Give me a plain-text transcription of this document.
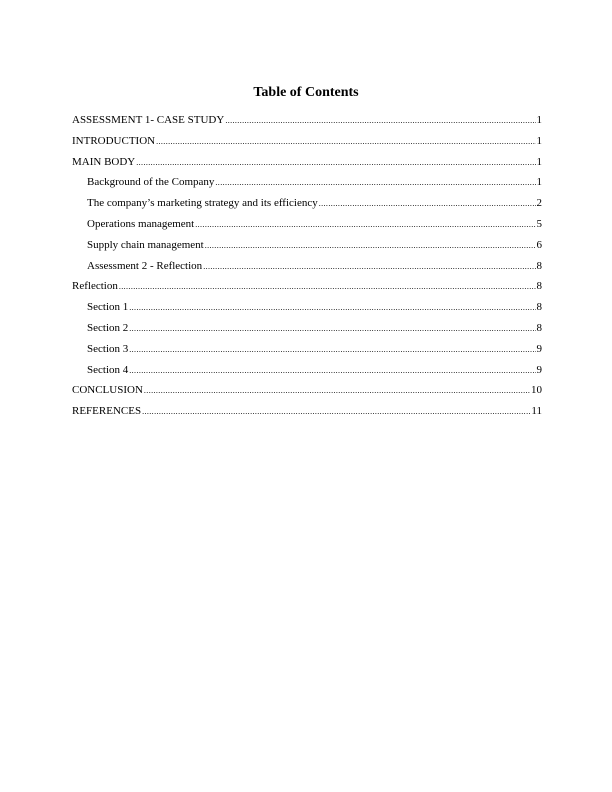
Table of Contents
ASSESSMENT 1- CASE STUDY .....	1
INTRODUCTION .....	1
MAIN BODY .....	1
Background of the Company .....	1
The company’s marketing strategy and its efficiency .....	2
Operations management .....	5
Supply chain management .....	6
Assessment 2 - Reflection .....	8
Reflection .....	8
Section 1 .....	8
Section 2 .....	8
Section 3 .....	9
Section 4 .....	9
CONCLUSION .....	10
REFERENCES .....	11
